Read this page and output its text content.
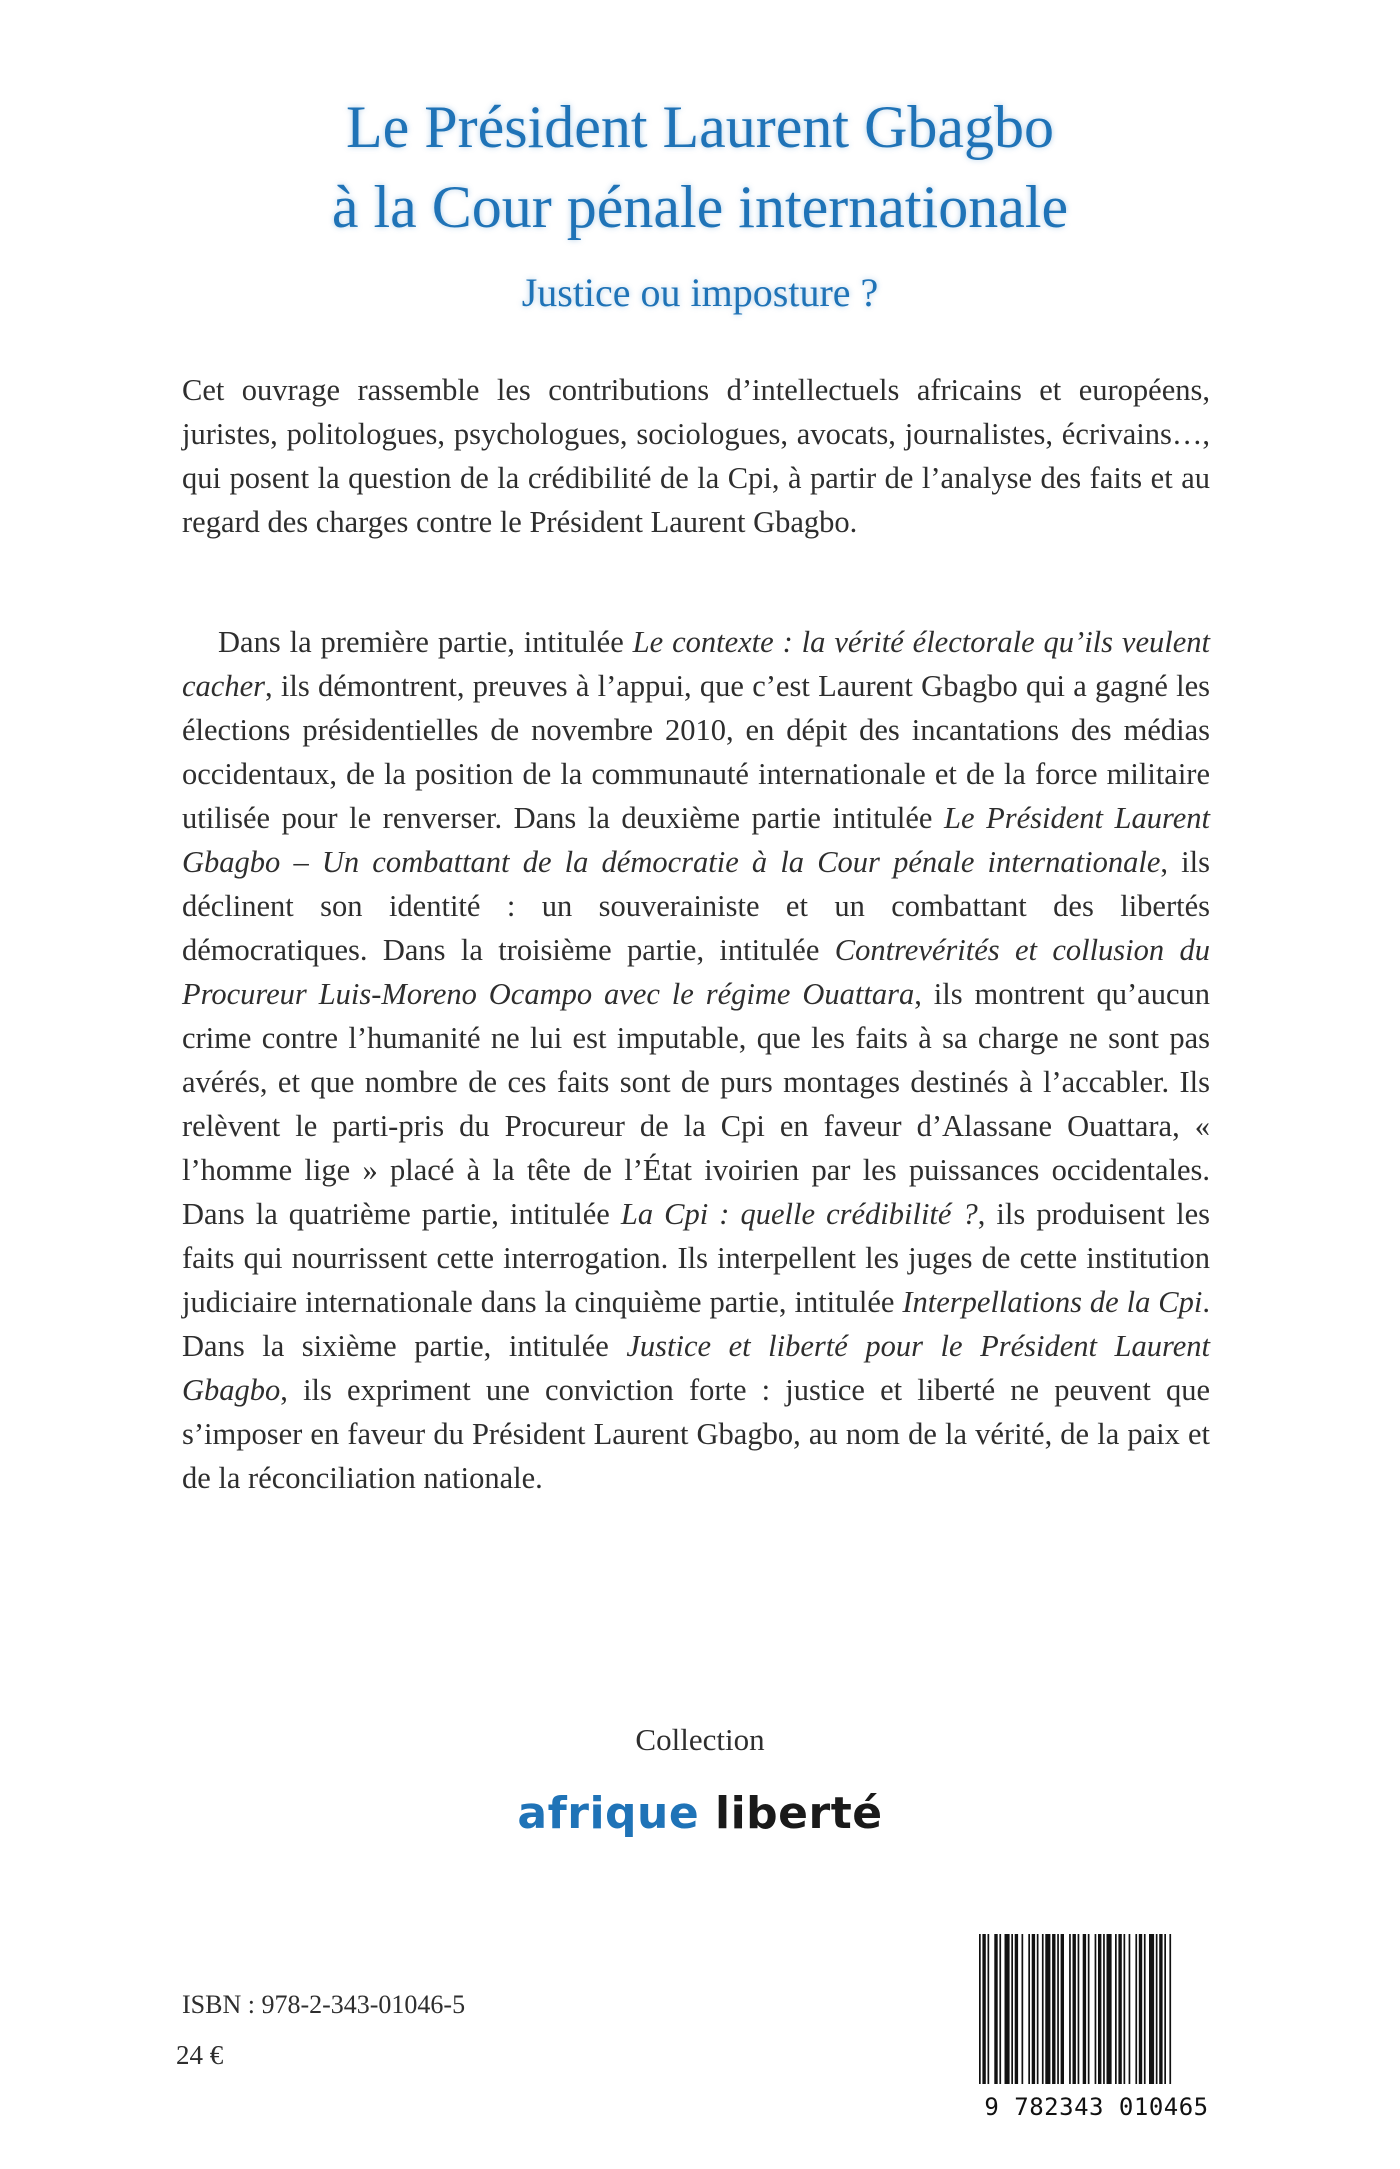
Le Président Laurent Gbagbo
à la Cour pénale internationale
Justice ou imposture ?

Cet ouvrage rassemble les contributions d’intellectuels africains et européens, juristes, politologues, psychologues, sociologues, avocats, journalistes, écrivains…, qui posent la question de la crédibilité de la Cpi, à partir de l’analyse des faits et au regard des charges contre le Président Laurent Gbagbo.

Dans la première partie, intitulée Le contexte : la vérité électorale qu’ils veulent cacher, ils démontrent, preuves à l’appui, que c’est Laurent Gbagbo qui a gagné les élections présidentielles de novembre 2010, en dépit des incantations des médias occidentaux, de la position de la communauté internationale et de la force militaire utilisée pour le renverser. Dans la deuxième partie intitulée Le Président Laurent Gbagbo – Un combattant de la démocratie à la Cour pénale internationale, ils déclinent son identité : un souverainiste et un combattant des libertés démocratiques. Dans la troisième partie, intitulée Contrevérités et collusion du Procureur Luis-Moreno Ocampo avec le régime Ouattara, ils montrent qu’aucun crime contre l’humanité ne lui est imputable, que les faits à sa charge ne sont pas avérés, et que nombre de ces faits sont de purs montages destinés à l’accabler. Ils relèvent le parti-pris du Procureur de la Cpi en faveur d’Alassane Ouattara, « l’homme lige » placé à la tête de l’État ivoirien par les puissances occidentales. Dans la quatrième partie, intitulée La Cpi : quelle crédibilité ?, ils produisent les faits qui nourrissent cette interrogation. Ils interpellent les juges de cette institution judiciaire internationale dans la cinquième partie, intitulée Interpellations de la Cpi. Dans la sixième partie, intitulée Justice et liberté pour le Président Laurent Gbagbo, ils expriment une conviction forte : justice et liberté ne peuvent que s’imposer en faveur du Président Laurent Gbagbo, au nom de la vérité, de la paix et de la réconciliation nationale.

Collection
afrique liberté
ISBN : 978-2-343-01046-5
24 €
9 782343 010465
